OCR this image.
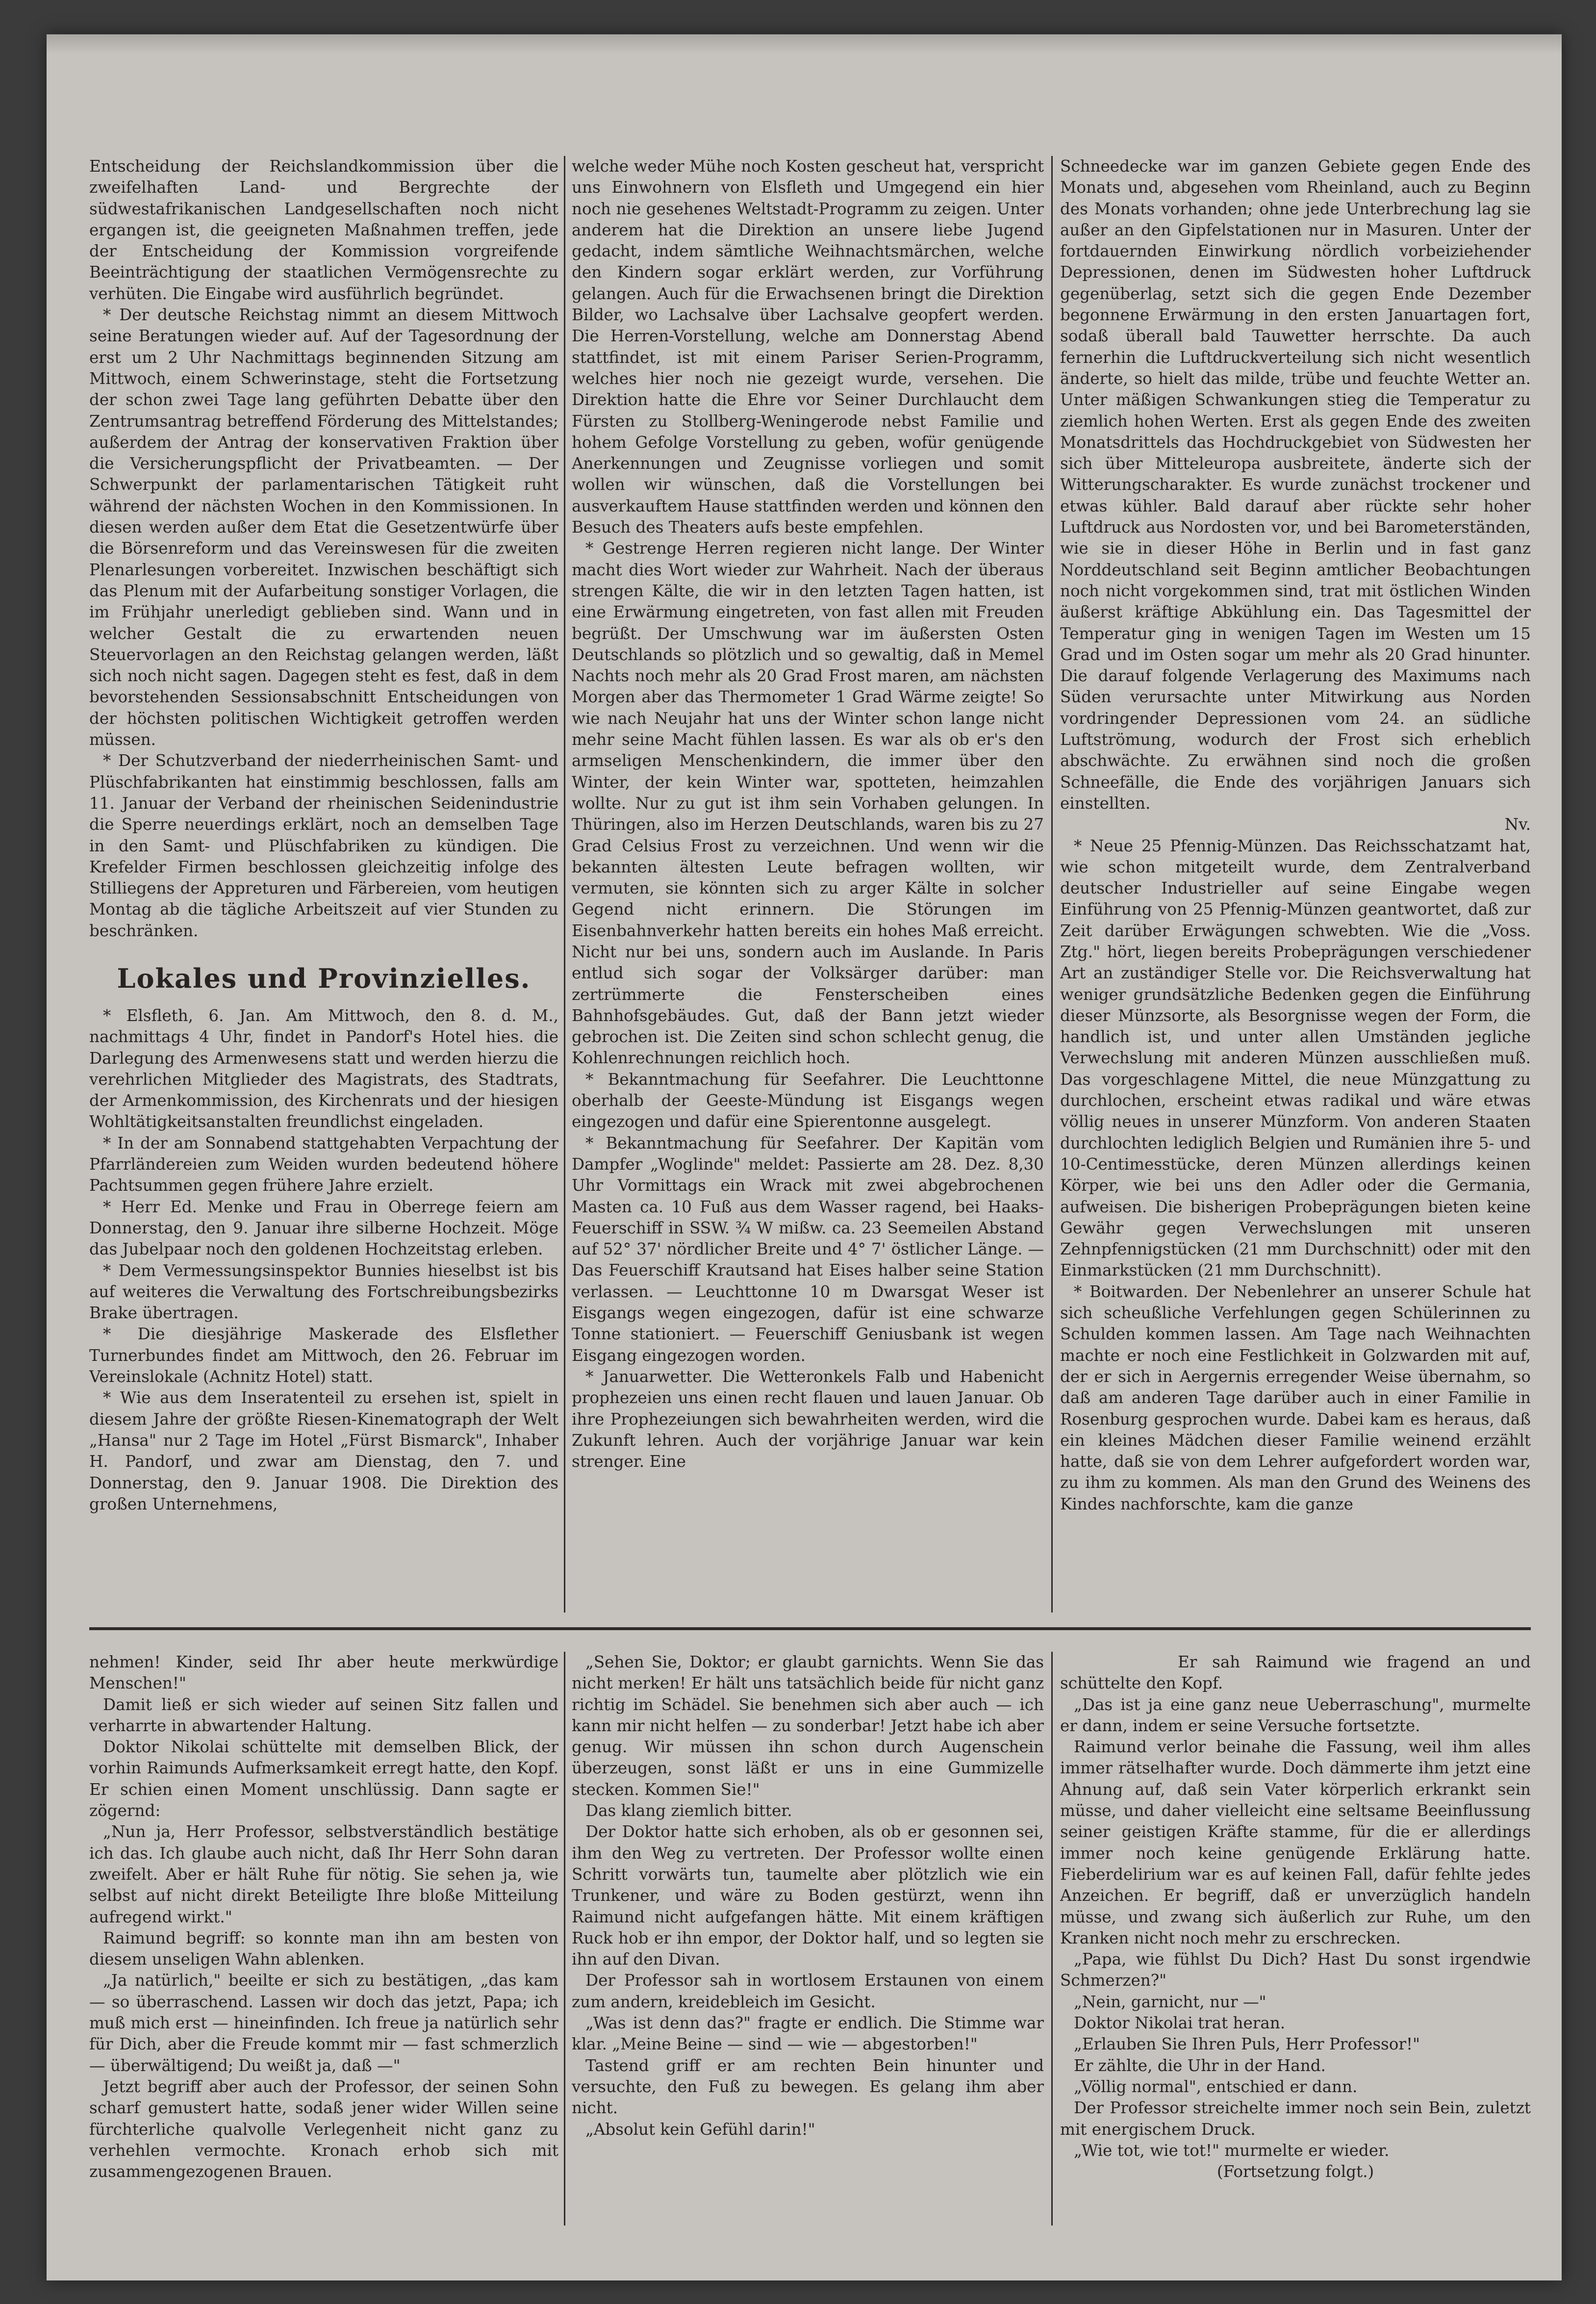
Entscheidung der Reichslandkommission über die zweifelhaften Land- und Bergrechte der südwestafrikanischen Landgesellschaften noch nicht ergangen ist, die geeigneten Maßnahmen treffen, jede der Entscheidung der Kommission vorgreifende Beeinträchtigung der staatlichen Vermögensrechte zu verhüten. Die Eingabe wird ausführlich begründet.

* Der deutsche Reichstag nimmt an diesem Mittwoch seine Beratungen wieder auf. Auf der Tagesordnung der erst um 2 Uhr Nachmittags beginnenden Sitzung am Mittwoch, einem Schwerinstage, steht die Fortsetzung der schon zwei Tage lang geführten Debatte über den Zentrumsantrag betreffend Förderung des Mittelstandes; außerdem der Antrag der konservativen Fraktion über die Versicherungspflicht der Privatbeamten. — Der Schwerpunkt der parlamentarischen Tätigkeit ruht während der nächsten Wochen in den Kommissionen. In diesen werden außer dem Etat die Gesetzentwürfe über die Börsenreform und das Vereinswesen für die zweiten Plenarlesungen vorbereitet. Inzwischen beschäftigt sich das Plenum mit der Aufarbeitung sonstiger Vorlagen, die im Frühjahr unerledigt geblieben sind. Wann und in welcher Gestalt die zu erwartenden neuen Steuervorlagen an den Reichstag gelangen werden, läßt sich noch nicht sagen. Dagegen steht es fest, daß in dem bevorstehenden Sessionsabschnitt Entscheidungen von der höchsten politischen Wichtigkeit getroffen werden müssen.

* Der Schutzverband der niederrheinischen Samt- und Plüschfabrikanten hat einstimmig beschlossen, falls am 11. Januar der Verband der rheinischen Seidenindustrie die Sperre neuerdings erklärt, noch an demselben Tage in den Samt- und Plüschfabriken zu kündigen. Die Krefelder Firmen beschlossen gleichzeitig infolge des Stilliegens der Appreturen und Färbereien, vom heutigen Montag ab die tägliche Arbeitszeit auf vier Stunden zu beschränken.

Lokales und Provinzielles.

* Elsfleth, 6. Jan. Am Mittwoch, den 8. d. M., nachmittags 4 Uhr, findet in Pandorf's Hotel hies. die Darlegung des Armenwesens statt und werden hierzu die verehrlichen Mitglieder des Magistrats, des Stadtrats, der Armenkommission, des Kirchenrats und der hiesigen Wohltätigkeitsanstalten freundlichst eingeladen.

* In der am Sonnabend stattgehabten Verpachtung der Pfarrländereien zum Weiden wurden bedeutend höhere Pachtsummen gegen frühere Jahre erzielt.

* Herr Ed. Menke und Frau in Oberrege feiern am Donnerstag, den 9. Januar ihre silberne Hochzeit. Möge das Jubelpaar noch den goldenen Hochzeitstag erleben.

* Dem Vermessungsinspektor Bunnies hieselbst ist bis auf weiteres die Verwaltung des Fortschreibungsbezirks Brake übertragen.

* Die diesjährige Maskerade des Elsflether Turnerbundes findet am Mittwoch, den 26. Februar im Vereinslokale (Achnitz Hotel) statt.

* Wie aus dem Inseratenteil zu ersehen ist, spielt in diesem Jahre der größte Riesen-Kinematograph der Welt „Hansa" nur 2 Tage im Hotel „Fürst Bismarck", Inhaber H. Pandorf, und zwar am Dienstag, den 7. und Donnerstag, den 9. Januar 1908. Die Direktion des großen Unternehmens,

welche weder Mühe noch Kosten gescheut hat, verspricht uns Einwohnern von Elsfleth und Umgegend ein hier noch nie gesehenes Weltstadt-Programm zu zeigen. Unter anderem hat die Direktion an unsere liebe Jugend gedacht, indem sämtliche Weihnachtsmärchen, welche den Kindern sogar erklärt werden, zur Vorführung gelangen. Auch für die Erwachsenen bringt die Direktion Bilder, wo Lachsalve über Lachsalve geopfert werden. Die Herren-Vorstellung, welche am Donnerstag Abend stattfindet, ist mit einem Pariser Serien-Programm, welches hier noch nie gezeigt wurde, versehen. Die Direktion hatte die Ehre vor Seiner Durchlaucht dem Fürsten zu Stollberg-Weningerode nebst Familie und hohem Gefolge Vorstellung zu geben, wofür genügende Anerkennungen und Zeugnisse vorliegen und somit wollen wir wünschen, daß die Vorstellungen bei ausverkauftem Hause stattfinden werden und können den Besuch des Theaters aufs beste empfehlen.

* Gestrenge Herren regieren nicht lange. Der Winter macht dies Wort wieder zur Wahrheit. Nach der überaus strengen Kälte, die wir in den letzten Tagen hatten, ist eine Erwärmung eingetreten, von fast allen mit Freuden begrüßt. Der Umschwung war im äußersten Osten Deutschlands so plötzlich und so gewaltig, daß in Memel Nachts noch mehr als 20 Grad Frost maren, am nächsten Morgen aber das Thermometer 1 Grad Wärme zeigte! So wie nach Neujahr hat uns der Winter schon lange nicht mehr seine Macht fühlen lassen. Es war als ob er's den armseligen Menschenkindern, die immer über den Winter, der kein Winter war, spotteten, heimzahlen wollte. Nur zu gut ist ihm sein Vorhaben gelungen. In Thüringen, also im Herzen Deutschlands, waren bis zu 27 Grad Celsius Frost zu verzeichnen. Und wenn wir die bekannten ältesten Leute befragen wollten, wir vermuten, sie könnten sich zu arger Kälte in solcher Gegend nicht erinnern. Die Störungen im Eisenbahnverkehr hatten bereits ein hohes Maß erreicht. Nicht nur bei uns, sondern auch im Auslande. In Paris entlud sich sogar der Volksärger darüber: man zertrümmerte die Fensterscheiben eines Bahnhofsgebäudes. Gut, daß der Bann jetzt wieder gebrochen ist. Die Zeiten sind schon schlecht genug, die Kohlenrechnungen reichlich hoch.

* Bekanntmachung für Seefahrer. Die Leuchttonne oberhalb der Geeste-Mündung ist Eisgangs wegen eingezogen und dafür eine Spierentonne ausgelegt.

* Bekanntmachung für Seefahrer. Der Kapitän vom Dampfer „Woglinde" meldet: Passierte am 28. Dez. 8,30 Uhr Vormittags ein Wrack mit zwei abgebrochenen Masten ca. 10 Fuß aus dem Wasser ragend, bei Haaks-Feuerschiff in SSW. ¾ W mißw. ca. 23 Seemeilen Abstand auf 52° 37' nördlicher Breite und 4° 7' östlicher Länge. — Das Feuerschiff Krautsand hat Eises halber seine Station verlassen. — Leuchttonne 10 m Dwarsgat Weser ist Eisgangs wegen eingezogen, dafür ist eine schwarze Tonne stationiert. — Feuerschiff Geniusbank ist wegen Eisgang eingezogen worden.

* Januarwetter. Die Wetteronkels Falb und Habenicht prophezeien uns einen recht flauen und lauen Januar. Ob ihre Prophezeiungen sich bewahrheiten werden, wird die Zukunft lehren. Auch der vorjährige Januar war kein strenger. Eine

Schneedecke war im ganzen Gebiete gegen Ende des Monats und, abgesehen vom Rheinland, auch zu Beginn des Monats vorhanden; ohne jede Unterbrechung lag sie außer an den Gipfelstationen nur in Masuren. Unter der fortdauernden Einwirkung nördlich vorbeiziehender Depressionen, denen im Südwesten hoher Luftdruck gegenüberlag, setzt sich die gegen Ende Dezember begonnene Erwärmung in den ersten Januartagen fort, sodaß überall bald Tauwetter herrschte. Da auch fernerhin die Luftdruckverteilung sich nicht wesentlich änderte, so hielt das milde, trübe und feuchte Wetter an. Unter mäßigen Schwankungen stieg die Temperatur zu ziemlich hohen Werten. Erst als gegen Ende des zweiten Monatsdrittels das Hochdruckgebiet von Südwesten her sich über Mitteleuropa ausbreitete, änderte sich der Witterungscharakter. Es wurde zunächst trockener und etwas kühler. Bald darauf aber rückte sehr hoher Luftdruck aus Nordosten vor, und bei Barometerständen, wie sie in dieser Höhe in Berlin und in fast ganz Norddeutschland seit Beginn amtlicher Beobachtungen noch nicht vorgekommen sind, trat mit östlichen Winden äußerst kräftige Abkühlung ein. Das Tagesmittel der Temperatur ging in wenigen Tagen im Westen um 15 Grad und im Osten sogar um mehr als 20 Grad hinunter. Die darauf folgende Verlagerung des Maximums nach Süden verursachte unter Mitwirkung aus Norden vordringender Depressionen vom 24. an südliche Luftströmung, wodurch der Frost sich erheblich abschwächte. Zu erwähnen sind noch die großen Schneefälle, die Ende des vorjährigen Januars sich einstellten.

Nv.

* Neue 25 Pfennig-Münzen. Das Reichsschatzamt hat, wie schon mitgeteilt wurde, dem Zentralverband deutscher Industrieller auf seine Eingabe wegen Einführung von 25 Pfennig-Münzen geantwortet, daß zur Zeit darüber Erwägungen schwebten. Wie die „Voss. Ztg." hört, liegen bereits Probeprägungen verschiedener Art an zuständiger Stelle vor. Die Reichsverwaltung hat weniger grundsätzliche Bedenken gegen die Einführung dieser Münzsorte, als Besorgnisse wegen der Form, die handlich ist, und unter allen Umständen jegliche Verwechslung mit anderen Münzen ausschließen muß. Das vorgeschlagene Mittel, die neue Münzgattung zu durchlochen, erscheint etwas radikal und wäre etwas völlig neues in unserer Münzform. Von anderen Staaten durchlochten lediglich Belgien und Rumänien ihre 5- und 10-Centimesstücke, deren Münzen allerdings keinen Körper, wie bei uns den Adler oder die Germania, aufweisen. Die bisherigen Probeprägungen bieten keine Gewähr gegen Verwechslungen mit unseren Zehnpfennigstücken (21 mm Durchschnitt) oder mit den Einmarkstücken (21 mm Durchschnitt).

* Boitwarden. Der Nebenlehrer an unserer Schule hat sich scheußliche Verfehlungen gegen Schülerinnen zu Schulden kommen lassen. Am Tage nach Weihnachten machte er noch eine Festlichkeit in Golzwarden mit auf, der er sich in Aergernis erregender Weise übernahm, so daß am anderen Tage darüber auch in einer Familie in Rosenburg gesprochen wurde. Dabei kam es heraus, daß ein kleines Mädchen dieser Familie weinend erzählt hatte, daß sie von dem Lehrer aufgefordert worden war, zu ihm zu kommen. Als man den Grund des Weinens des Kindes nachforschte, kam die ganze

nehmen! Kinder, seid Ihr aber heute merkwürdige Menschen!"

Damit ließ er sich wieder auf seinen Sitz fallen und verharrte in abwartender Haltung.

Doktor Nikolai schüttelte mit demselben Blick, der vorhin Raimunds Aufmerksamkeit erregt hatte, den Kopf. Er schien einen Moment unschlüssig. Dann sagte er zögernd:

„Nun ja, Herr Professor, selbstverständlich bestätige ich das. Ich glaube auch nicht, daß Ihr Herr Sohn daran zweifelt. Aber er hält Ruhe für nötig. Sie sehen ja, wie selbst auf nicht direkt Beteiligte Ihre bloße Mitteilung aufregend wirkt."

Raimund begriff: so konnte man ihn am besten von diesem unseligen Wahn ablenken.

„Ja natürlich," beeilte er sich zu bestätigen, „das kam — so überraschend. Lassen wir doch das jetzt, Papa; ich muß mich erst — hineinfinden. Ich freue ja natürlich sehr für Dich, aber die Freude kommt mir — fast schmerzlich — überwältigend; Du weißt ja, daß —"

Jetzt begriff aber auch der Professor, der seinen Sohn scharf gemustert hatte, sodaß jener wider Willen seine fürchterliche qualvolle Verlegenheit nicht ganz zu verhehlen vermochte. Kronach erhob sich mit zusammengezogenen Brauen.

„Sehen Sie, Doktor; er glaubt garnichts. Wenn Sie das nicht merken! Er hält uns tatsächlich beide für nicht ganz richtig im Schädel. Sie benehmen sich aber auch — ich kann mir nicht helfen — zu sonderbar! Jetzt habe ich aber genug. Wir müssen ihn schon durch Augenschein überzeugen, sonst läßt er uns in eine Gummizelle stecken. Kommen Sie!"

Das klang ziemlich bitter.

Der Doktor hatte sich erhoben, als ob er gesonnen sei, ihm den Weg zu vertreten. Der Professor wollte einen Schritt vorwärts tun, taumelte aber plötzlich wie ein Trunkener, und wäre zu Boden gestürzt, wenn ihn Raimund nicht aufgefangen hätte. Mit einem kräftigen Ruck hob er ihn empor, der Doktor half, und so legten sie ihn auf den Divan.

Der Professor sah in wortlosem Erstaunen von einem zum andern, kreidebleich im Gesicht.

„Was ist denn das?" fragte er endlich. Die Stimme war klar. „Meine Beine — sind — wie — abgestorben!"

Tastend griff er am rechten Bein hinunter und versuchte, den Fuß zu bewegen. Es gelang ihm aber nicht.

„Absolut kein Gefühl darin!"

Er sah Raimund wie fragend an und schüttelte den Kopf.

„Das ist ja eine ganz neue Ueberraschung", murmelte er dann, indem er seine Versuche fortsetzte.

Raimund verlor beinahe die Fassung, weil ihm alles immer rätselhafter wurde. Doch dämmerte ihm jetzt eine Ahnung auf, daß sein Vater körperlich erkrankt sein müsse, und daher vielleicht eine seltsame Beeinflussung seiner geistigen Kräfte stamme, für die er allerdings immer noch keine genügende Erklärung hatte. Fieberdelirium war es auf keinen Fall, dafür fehlte jedes Anzeichen. Er begriff, daß er unverzüglich handeln müsse, und zwang sich äußerlich zur Ruhe, um den Kranken nicht noch mehr zu erschrecken.

„Papa, wie fühlst Du Dich? Hast Du sonst irgendwie Schmerzen?"

„Nein, garnicht, nur —"

Doktor Nikolai trat heran.

„Erlauben Sie Ihren Puls, Herr Professor!"

Er zählte, die Uhr in der Hand.

„Völlig normal", entschied er dann.

Der Professor streichelte immer noch sein Bein, zuletzt mit energischem Druck.

„Wie tot, wie tot!" murmelte er wieder.

(Fortsetzung folgt.)
